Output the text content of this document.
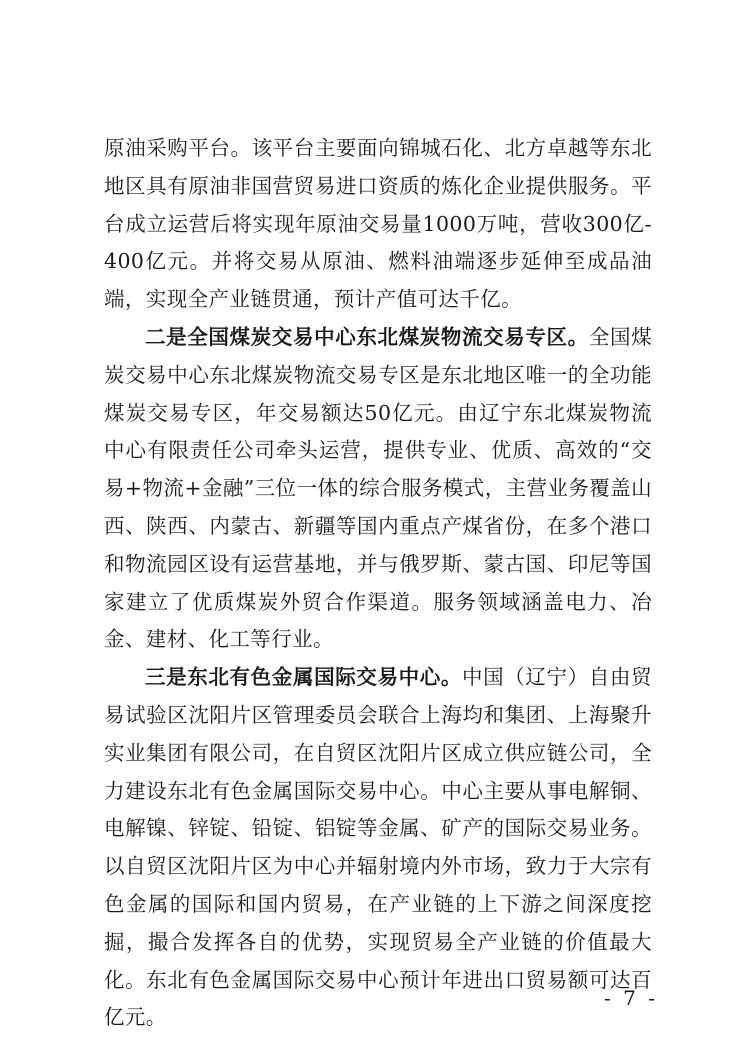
原油采购平台。该平台主要面向锦城石化、北方卓越等东北地区具有原油非国营贸易进口资质的炼化企业提供服务。平台成立运营后将实现年原油交易量1000万吨，营收300亿-400亿元。并将交易从原油、燃料油端逐步延伸至成品油端，实现全产业链贯通，预计产值可达千亿。

二是全国煤炭交易中心东北煤炭物流交易专区。全国煤炭交易中心东北煤炭物流交易专区是东北地区唯一的全功能煤炭交易专区，年交易额达50亿元。由辽宁东北煤炭物流中心有限责任公司牵头运营，提供专业、优质、高效的“交易+物流+金融”三位一体的综合服务模式，主营业务覆盖山西、陕西、内蒙古、新疆等国内重点产煤省份，在多个港口和物流园区设有运营基地，并与俄罗斯、蒙古国、印尼等国家建立了优质煤炭外贸合作渠道。服务领域涵盖电力、冶金、建材、化工等行业。

三是东北有色金属国际交易中心。中国（辽宁）自由贸易试验区沈阳片区管理委员会联合上海均和集团、上海聚升实业集团有限公司，在自贸区沈阳片区成立供应链公司，全力建设东北有色金属国际交易中心。中心主要从事电解铜、电解镍、锌锭、铅锭、铝锭等金属、矿产的国际交易业务。以自贸区沈阳片区为中心并辐射境内外市场，致力于大宗有色金属的国际和国内贸易，在产业链的上下游之间深度挖掘，撮合发挥各自的优势，实现贸易全产业链的价值最大化。东北有色金属国际交易中心预计年进出口贸易额可达百亿元。

- 7 -
